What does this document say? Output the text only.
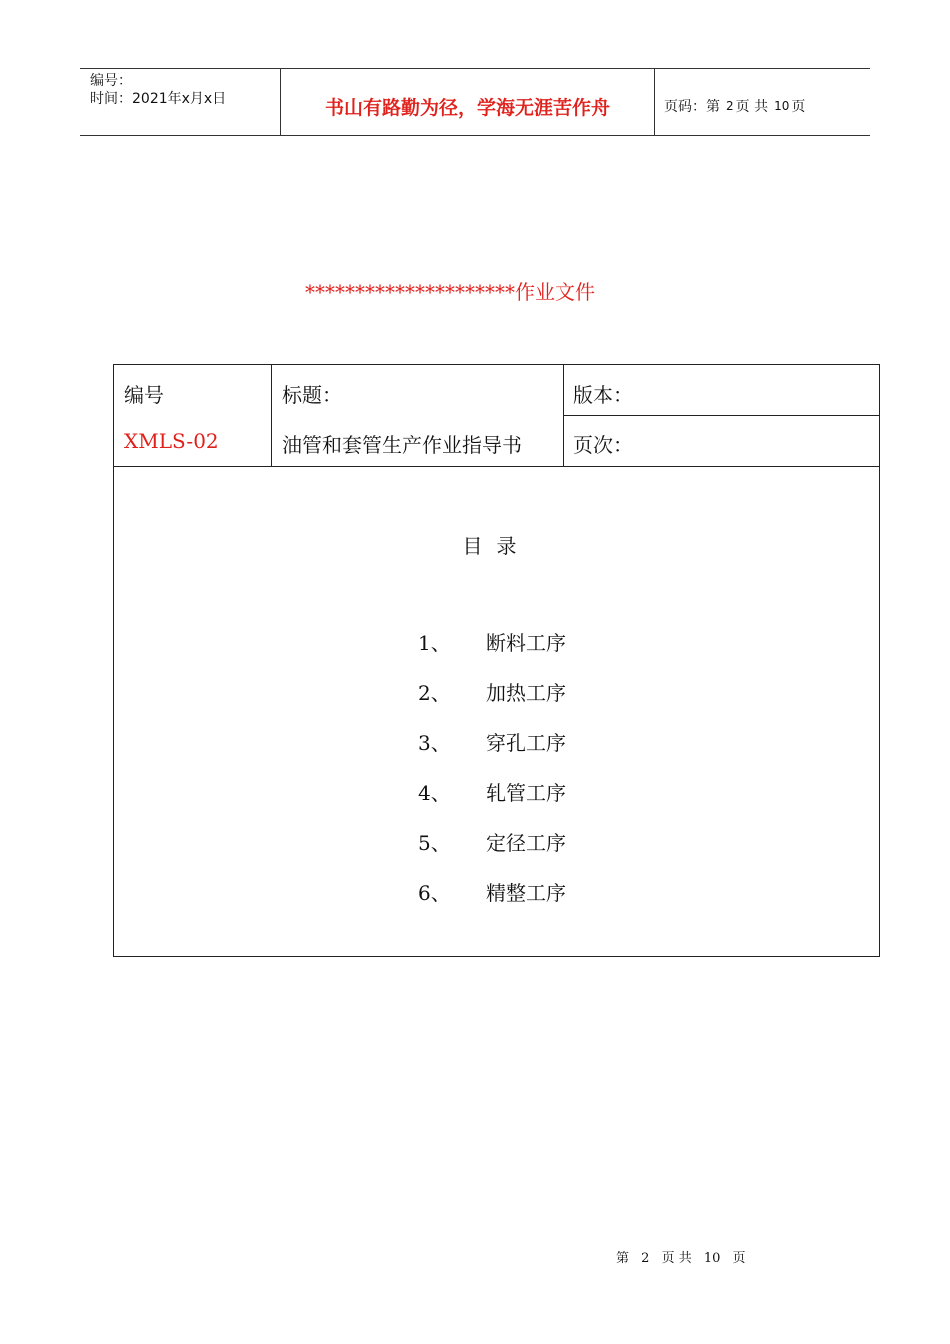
编号：
时间：2021年x月x日	书山有路勤为径，学海无涯苦作舟	页码：第 2 页 共 10 页
*********************作业文件
编号
XMLS-02
标题：
油管和套管生产作业指导书
版本：
页次：
目录
1、	断料工序
2、	加热工序
3、	穿孔工序
4、	轧管工序
5、	定径工序
6、	精整工序
第 2 页 共 10 页
